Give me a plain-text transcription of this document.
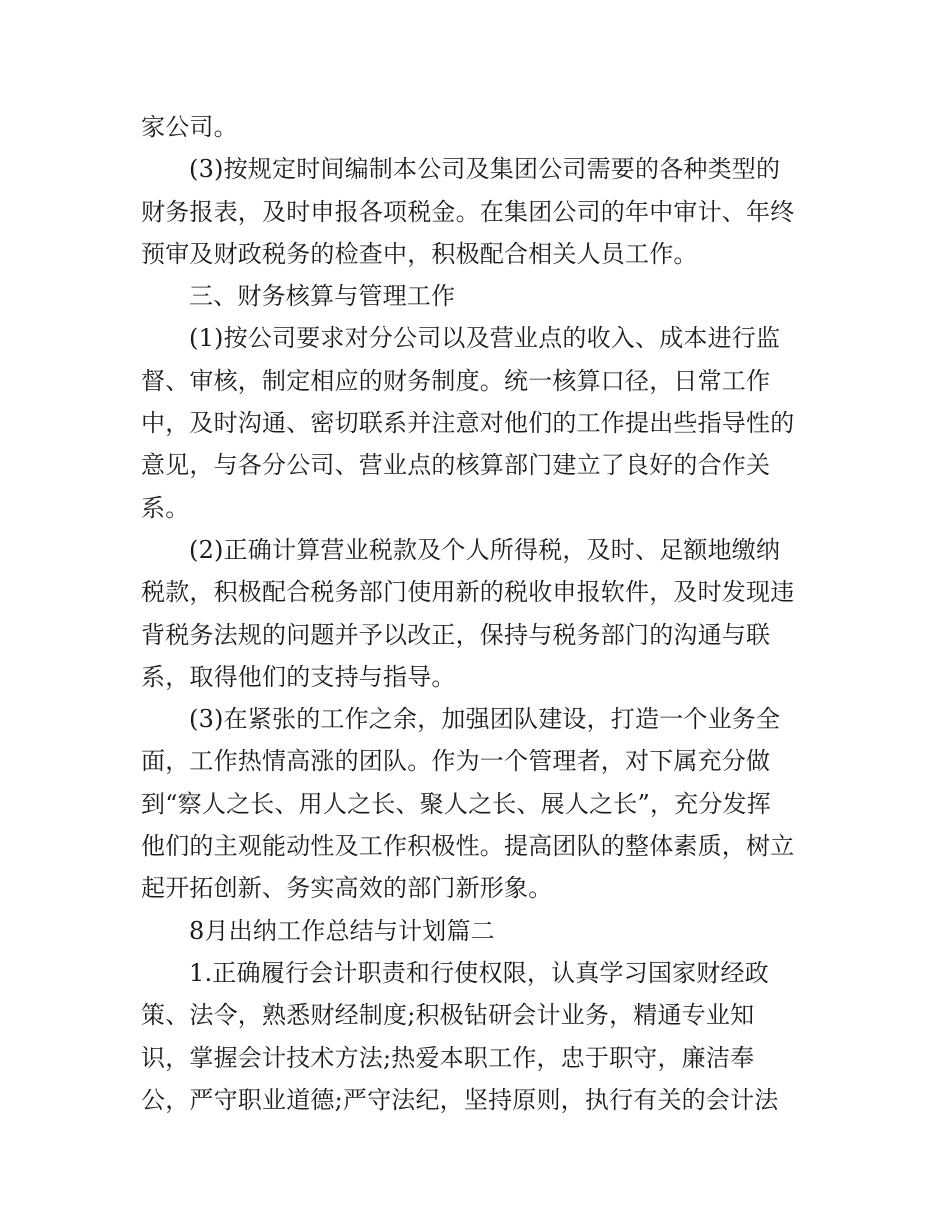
家公司。
(3)按规定时间编制本公司及集团公司需要的各种类型的
财务报表，及时申报各项税金。在集团公司的年中审计、年终
预审及财政税务的检查中，积极配合相关人员工作。
三、财务核算与管理工作
(1)按公司要求对分公司以及营业点的收入、成本进行监
督、审核，制定相应的财务制度。统一核算口径，日常工作
中，及时沟通、密切联系并注意对他们的工作提出些指导性的
意见，与各分公司、营业点的核算部门建立了良好的合作关
系。
(2)正确计算营业税款及个人所得税，及时、足额地缴纳
税款，积极配合税务部门使用新的税收申报软件，及时发现违
背税务法规的问题并予以改正，保持与税务部门的沟通与联
系，取得他们的支持与指导。
(3)在紧张的工作之余，加强团队建设，打造一个业务全
面，工作热情高涨的团队。作为一个管理者，对下属充分做
到“察人之长、用人之长、聚人之长、展人之长”，充分发挥
他们的主观能动性及工作积极性。提高团队的整体素质，树立
起开拓创新、务实高效的部门新形象。
8月出纳工作总结与计划篇二
1.正确履行会计职责和行使权限，认真学习国家财经政
策、法令，熟悉财经制度;积极钻研会计业务，精通专业知
识，掌握会计技术方法;热爱本职工作，忠于职守，廉洁奉
公，严守职业道德;严守法纪，坚持原则，执行有关的会计法
